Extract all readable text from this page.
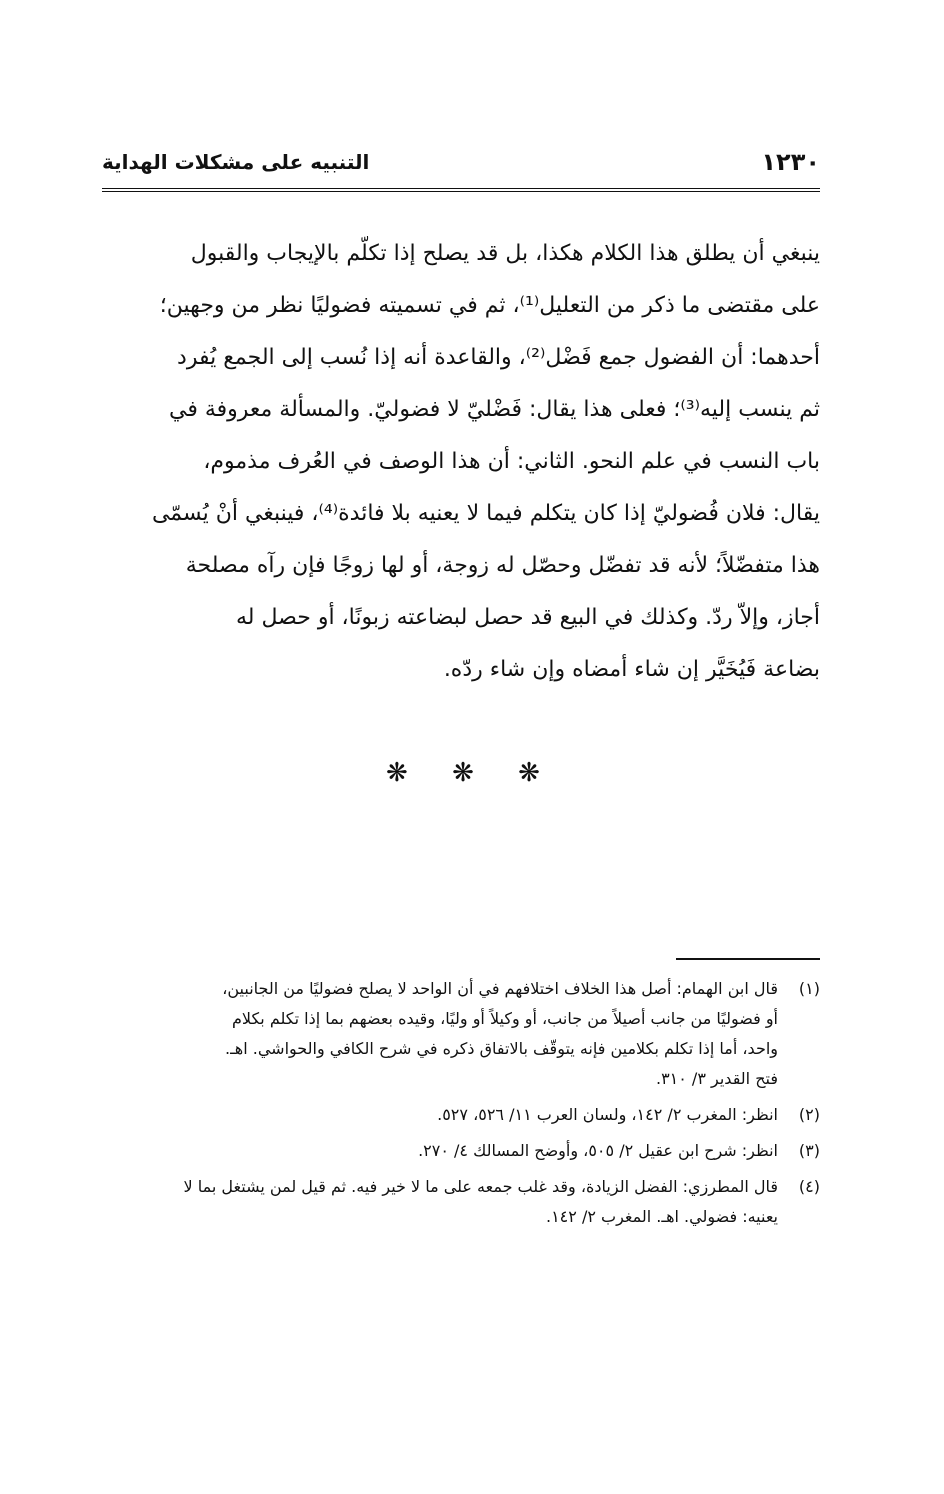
١٢٣٠
التنبيه على مشكلات الهداية
ينبغي أن يطلق هذا الكلام هكذا، بل قد يصلح إذا تكلّم بالإيجاب والقبول
على مقتضى ما ذكر من التعليل⁽¹⁾، ثم في تسميته فضوليًا نظر من وجهين؛
أحدهما: أن الفضول جمع فَضْل⁽²⁾، والقاعدة أنه إذا نُسب إلى الجمع يُفرد
ثم ينسب إليه⁽³⁾؛ فعلى هذا يقال: فَضْليّ لا فضوليّ. والمسألة معروفة في
باب النسب في علم النحو. الثاني: أن هذا الوصف في العُرف مذموم،
يقال: فلان فُضوليّ إذا كان يتكلم فيما لا يعنيه بلا فائدة⁽⁴⁾، فينبغي أنْ يُسمّى
هذا متفضّلاً؛ لأنه قد تفضّل وحصّل له زوجة، أو لها زوجًا فإن رآه مصلحة
أجاز، وإلاّ ردّ. وكذلك في البيع قد حصل لبضاعته زبونًا، أو حصل له
بضاعة فَيُخَيَّر إن شاء أمضاه وإن شاء ردّه.
❋ ❋ ❋
(١)قال ابن الهمام: أصل هذا الخلاف اختلافهم في أن الواحد لا يصلح فضوليًا من الجانبين،
أو فضوليًا من جانب أصيلاً من جانب، أو وكيلاً أو وليًا، وقيده بعضهم بما إذا تكلم بكلام
واحد، أما إذا تكلم بكلامين فإنه يتوقّف بالاتفاق ذكره في شرح الكافي والحواشي. اهـ.
فتح القدير ٣/ ٣١٠.
(٢)انظر: المغرب ٢/ ١٤٢، ولسان العرب ١١/ ٥٢٦، ٥٢٧.
(٣)انظر: شرح ابن عقيل ٢/ ٥٠٥، وأوضح المسالك ٤/ ٢٧٠.
(٤)قال المطرزي: الفضل الزيادة، وقد غلب جمعه على ما لا خير فيه. ثم قيل لمن يشتغل بما لا
يعنيه: فضولي. اهـ. المغرب ٢/ ١٤٢.
